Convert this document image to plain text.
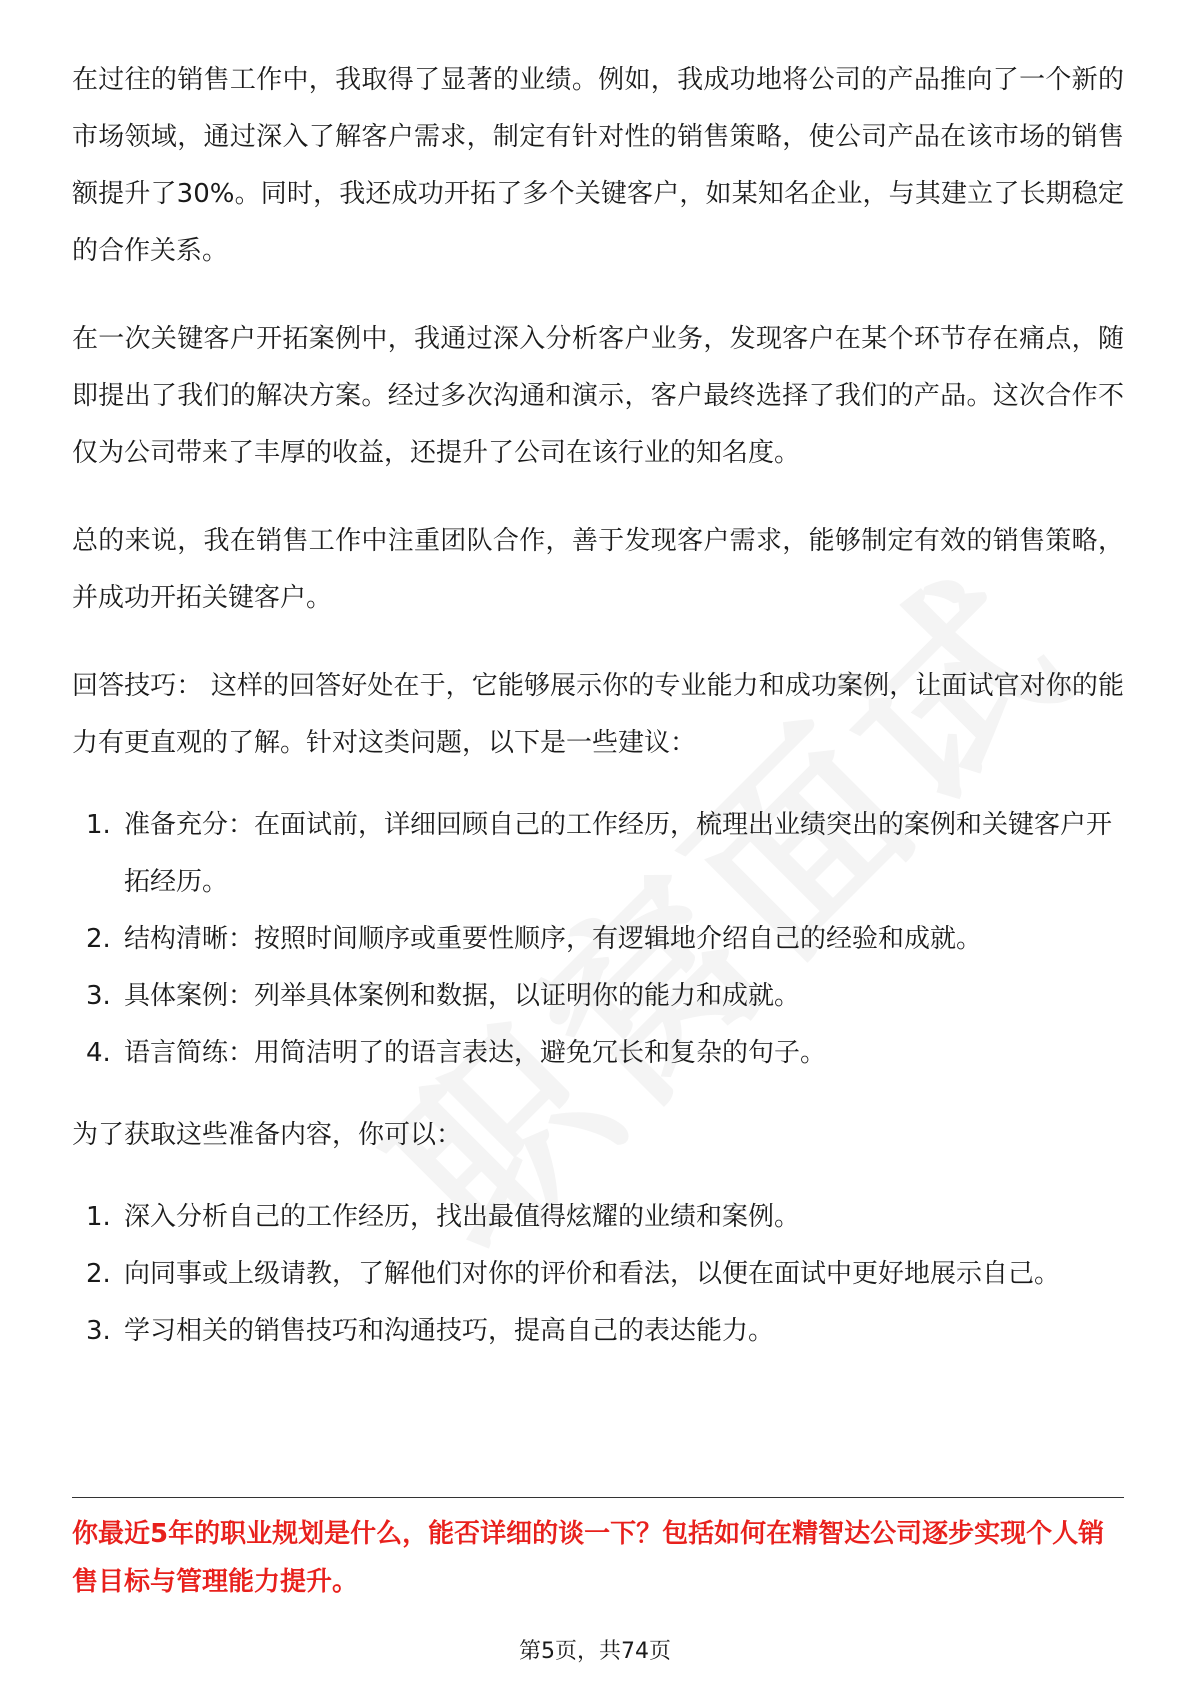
在过往的销售工作中，我取得了显著的业绩。例如，我成功地将公司的产品推向了一个新的市场领域，通过深入了解客户需求，制定有针对性的销售策略，使公司产品在该市场的销售额提升了30%。同时，我还成功开拓了多个关键客户，如某知名企业，与其建立了长期稳定的合作关系。

在一次关键客户开拓案例中，我通过深入分析客户业务，发现客户在某个环节存在痛点，随即提出了我们的解决方案。经过多次沟通和演示，客户最终选择了我们的产品。这次合作不仅为公司带来了丰厚的收益，还提升了公司在该行业的知名度。

总的来说，我在销售工作中注重团队合作，善于发现客户需求，能够制定有效的销售策略，并成功开拓关键客户。

回答技巧： 这样的回答好处在于，它能够展示你的专业能力和成功案例，让面试官对你的能力有更直观的了解。针对这类问题，以下是一些建议：

1. 准备充分：在面试前，详细回顾自己的工作经历，梳理出业绩突出的案例和关键客户开拓经历。
2. 结构清晰：按照时间顺序或重要性顺序，有逻辑地介绍自己的经验和成就。
3. 具体案例：列举具体案例和数据，以证明你的能力和成就。
4. 语言简练：用简洁明了的语言表达，避免冗长和复杂的句子。

为了获取这些准备内容，你可以：

1. 深入分析自己的工作经历，找出最值得炫耀的业绩和案例。
2. 向同事或上级请教，了解他们对你的评价和看法，以便在面试中更好地展示自己。
3. 学习相关的销售技巧和沟通技巧，提高自己的表达能力。

你最近5年的职业规划是什么，能否详细的谈一下？包括如何在精智达公司逐步实现个人销售目标与管理能力提升。

第5页，共74页
